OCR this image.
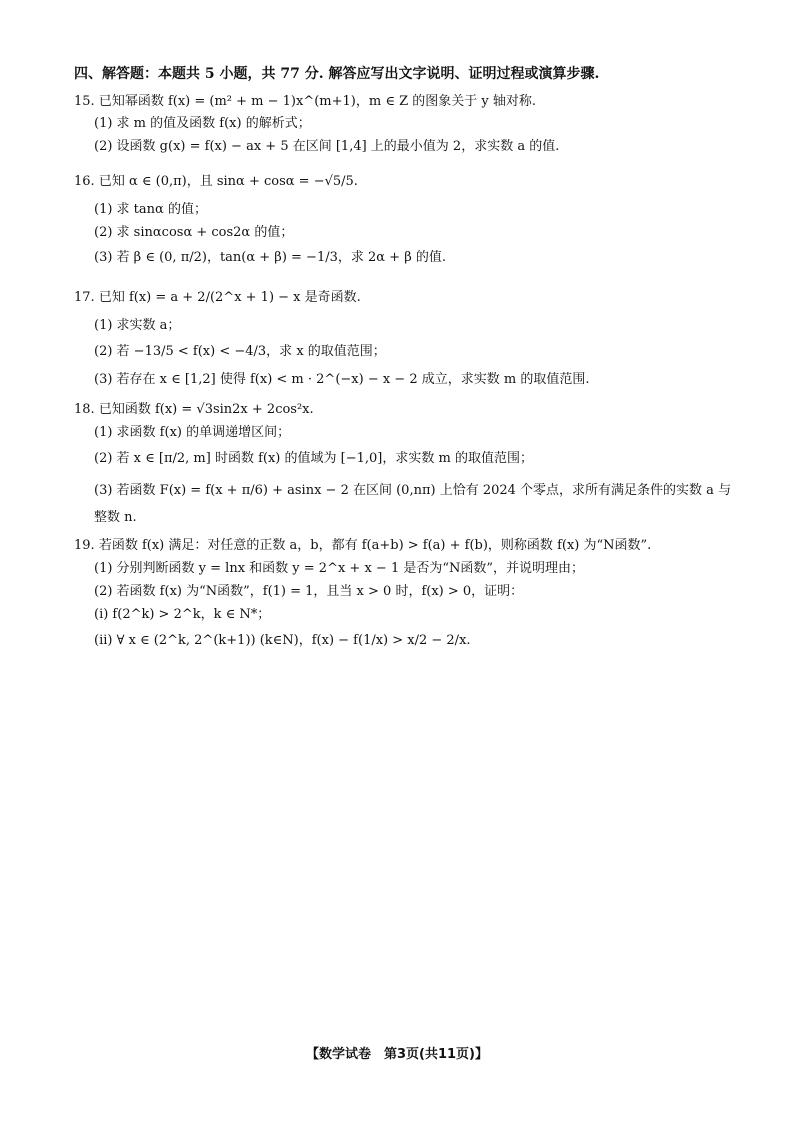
四、解答题：本题共 5 小题，共 77 分. 解答应写出文字说明、证明过程或演算步骤.
15. 已知幂函数 f(x) = (m² + m − 1)x^(m+1)，m ∈ Z 的图象关于 y 轴对称.
(1) 求 m 的值及函数 f(x) 的解析式；
(2) 设函数 g(x) = f(x) − ax + 5 在区间 [1,4] 上的最小值为 2，求实数 a 的值.
16. 已知 α ∈ (0,π)，且 sinα + cosα = −√5/5.
(1) 求 tanα 的值；
(2) 求 sinαcosα + cos2α 的值；
(3) 若 β ∈ (0, π/2)，tan(α + β) = −1/3，求 2α + β 的值.
17. 已知 f(x) = a + 2/(2^x + 1) − x 是奇函数.
(1) 求实数 a；
(2) 若 −13/5 < f(x) < −4/3，求 x 的取值范围；
(3) 若存在 x ∈ [1,2] 使得 f(x) < m · 2^(−x) − x − 2 成立，求实数 m 的取值范围.
18. 已知函数 f(x) = √3sin2x + 2cos²x.
(1) 求函数 f(x) 的单调递增区间；
(2) 若 x ∈ [π/2, m] 时函数 f(x) 的值域为 [−1,0]，求实数 m 的取值范围；
(3) 若函数 F(x) = f(x + π/6) + asinx − 2 在区间 (0,nπ) 上恰有 2024 个零点，求所有满足条件的实数 a 与
整数 n.
19. 若函数 f(x) 满足：对任意的正数 a，b，都有 f(a+b) > f(a) + f(b)，则称函数 f(x) 为“N函数”.
(1) 分别判断函数 y = lnx 和函数 y = 2^x + x − 1 是否为“N函数”，并说明理由；
(2) 若函数 f(x) 为“N函数”，f(1) = 1，且当 x > 0 时，f(x) > 0，证明：
(i) f(2^k) > 2^k，k ∈ N*；
(ii) ∀ x ∈ (2^k, 2^(k+1)) (k∈N)，f(x) − f(1/x) > x/2 − 2/x.
【数学试卷　第3页(共11页)】
